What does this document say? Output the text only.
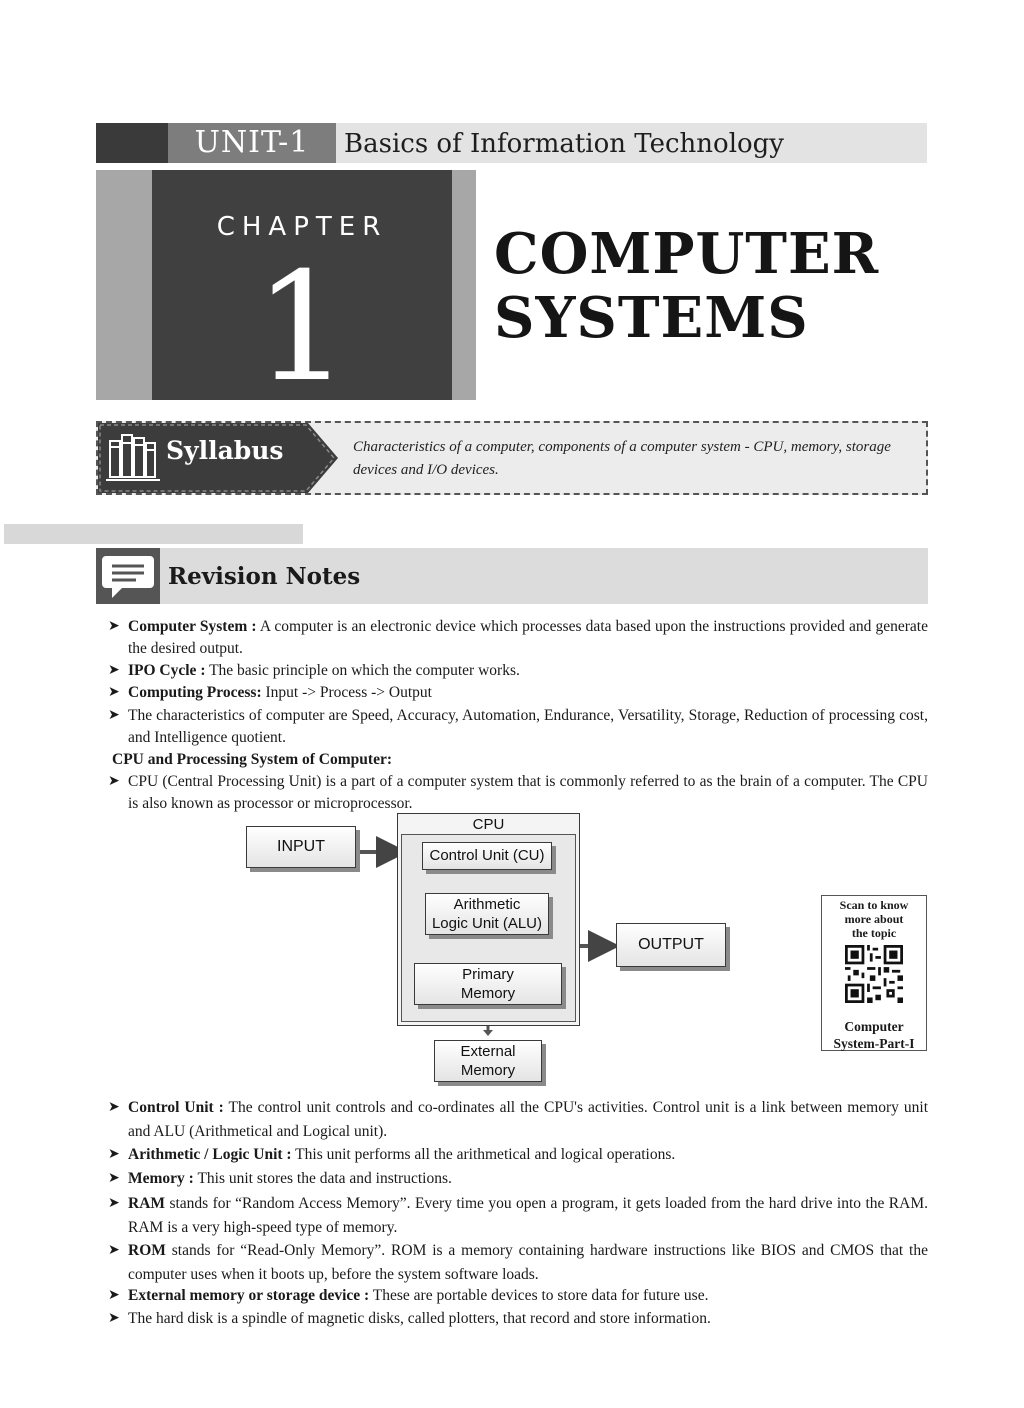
UNIT-1	Basics of Information Technology
CHAPTER
1	COMPUTER
SYSTEMS
Syllabus	Characteristics of a computer, components of a computer system - CPU, memory, storage devices and I/O devices.
Revision Notes
➤ Computer System : A computer is an electronic device which processes data based upon the instructions provided and generate the desired output.
➤ IPO Cycle : The basic principle on which the computer works.
➤ Computing Process: Input -> Process -> Output
➤ The characteristics of computer are Speed, Accuracy, Automation, Endurance, Versatility, Storage, Reduction of processing cost, and Intelligence quotient.
CPU and Processing System of Computer:
➤ CPU (Central Processing Unit) is a part of a computer system that is commonly referred to as the brain of a computer. The CPU is also known as processor or microprocessor.
CPU
INPUT
Control Unit (CU)
Arithmetic
Logic Unit (ALU)
Primary
Memory
OUTPUT
External
Memory
Scan to know
more about
the topic
Computer
System-Part-I
➤ Control Unit : The control unit controls and co-ordinates all the CPU's activities. Control unit is a link between memory unit and ALU (Arithmetical and Logical unit).
➤ Arithmetic / Logic Unit : This unit performs all the arithmetical and logical operations.
➤ Memory : This unit stores the data and instructions.
➤ RAM stands for “Random Access Memory”. Every time you open a program, it gets loaded from the hard drive into the RAM. RAM is a very high-speed type of memory.
➤ ROM stands for “Read-Only Memory”. ROM is a memory containing hardware instructions like BIOS and CMOS that the computer uses when it boots up, before the system software loads.
➤ External memory or storage device : These are portable devices to store data for future use.
➤ The hard disk is a spindle of magnetic disks, called plotters, that record and store information.
